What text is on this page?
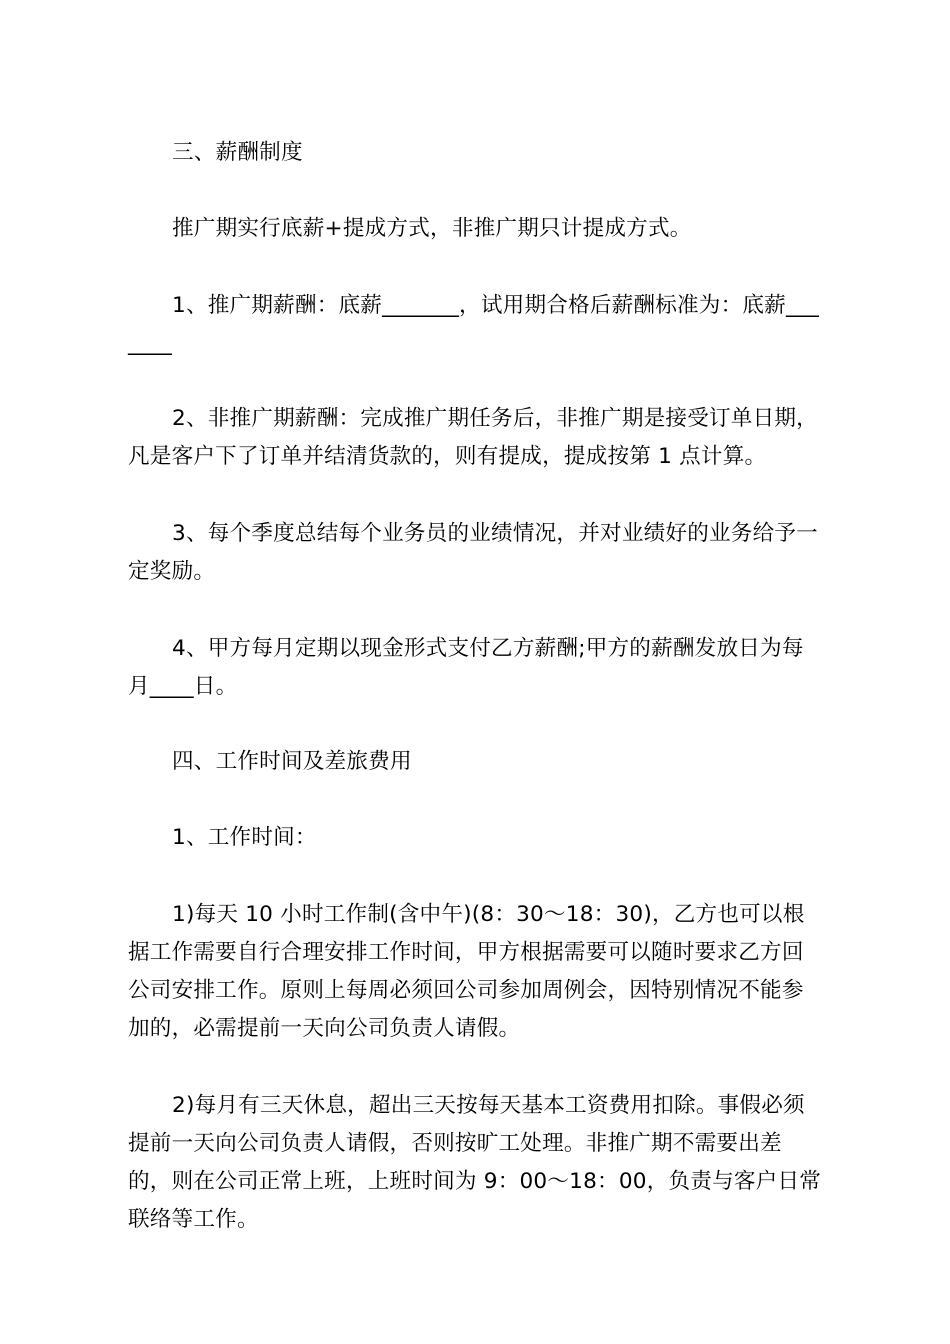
三、薪酬制度

推广期实行底薪+提成方式，非推广期只计提成方式。

1、推广期薪酬：底薪_______，试用期合格后薪酬标准为：底薪_______

2、非推广期薪酬：完成推广期任务后，非推广期是接受订单日期，凡是客户下了订单并结清货款的，则有提成，提成按第 1 点计算。

3、每个季度总结每个业务员的业绩情况，并对业绩好的业务给予一定奖励。

4、甲方每月定期以现金形式支付乙方薪酬;甲方的薪酬发放日为每月____日。

四、工作时间及差旅费用

1、工作时间：

1)每天 10 小时工作制(含中午)(8：30～18：30)，乙方也可以根据工作需要自行合理安排工作时间，甲方根据需要可以随时要求乙方回公司安排工作。原则上每周必须回公司参加周例会，因特别情况不能参加的，必需提前一天向公司负责人请假。

2)每月有三天休息，超出三天按每天基本工资费用扣除。事假必须提前一天向公司负责人请假，否则按旷工处理。非推广期不需要出差的，则在公司正常上班，上班时间为 9：00～18：00，负责与客户日常联络等工作。
